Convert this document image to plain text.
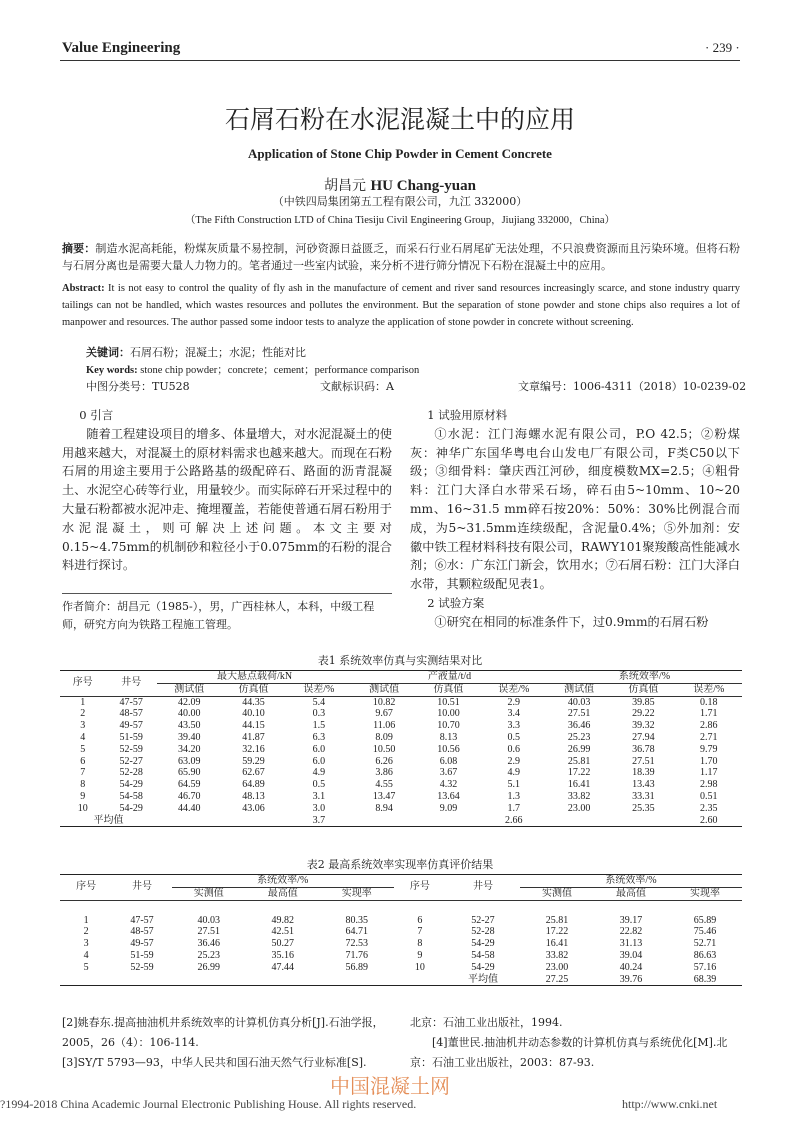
Value Engineering	· 239 ·
石屑石粉在水泥混凝土中的应用
Application of Stone Chip Powder in Cement Concrete
胡昌元 HU Chang-yuan
（中铁四局集团第五工程有限公司，九江 332000）
（The Fifth Construction LTD of China Tiesiju Civil Engineering Group，Jiujiang 332000，China）
摘要：制造水泥高耗能，粉煤灰质量不易控制，河砂资源日益匮乏，而采石行业石屑尾矿无法处理，不只浪费资源而且污染环境。但将石粉与石屑分离也是需要大量人力物力的。笔者通过一些室内试验，来分析不进行筛分情况下石粉在混凝土中的应用。
Abstract: It is not easy to control the quality of fly ash in the manufacture of cement and river sand resources increasingly scarce, and stone industry quarry tailings can not be handled, which wastes resources and pollutes the environment. But the separation of stone powder and stone chips also requires a lot of manpower and resources. The author passed some indoor tests to analyze the application of stone powder in concrete without screening.
关键词：石屑石粉；混凝土；水泥；性能对比
Key words: stone chip powder；concrete；cement；performance comparison
中图分类号：TU528	文献标识码：A	文章编号：1006-4311（2018）10-0239-02

0 引言

随着工程建设项目的增多、体量增大，对水泥混凝土的使用越来越大，对混凝土的原材料需求也越来越大。而现在石粉石屑的用途主要用于公路路基的级配碎石、路面的沥青混凝土、水泥空心砖等行业，用量较少。而实际碎石开采过程中的大量石粉都被水泥冲走、掩埋覆盖，若能使普通石屑石粉用于水泥混凝土，则可解决上述问题。本文主要对0.15~4.75mm的机制砂和粒径小于0.075mm的石粉的混合料进行探讨。

作者简介：胡昌元（1985-），男，广西桂林人，本科，中级工程师，研究方向为铁路工程施工管理。

1 试验用原材料

①水泥：江门海螺水泥有限公司，P.O 42.5；②粉煤灰：神华广东国华粤电台山发电厂有限公司，F类C50以下级；③细骨料：肇庆西江河砂，细度模数MX=2.5；④粗骨料：江门大泽白水带采石场，碎石由5~10mm、10~20 mm、16~31.5 mm碎石按20%：50%：30%比例混合而成，为5~31.5mm连续级配，含泥量0.4%；⑤外加剂：安徽中铁工程材料科技有限公司，RAWY101聚羧酸高性能减水剂；⑥水：广东江门新会，饮用水；⑦石屑石粉：江门大泽白水带，其颗粒级配见表1。

2 试验方案

①研究在相同的标准条件下，过0.9mm的石屑石粉

表1 系统效率仿真与实测结果对比
序号	井号	最大悬点载荷/kN			产液量/t/d			系统效率/%		
		测试值	仿真值	误差/%	测试值	仿真值	误差/%	测试值	仿真值	误差/%
1	47-57	42.09	44.35	5.4	10.82	10.51	2.9	40.03	39.85	0.18
2	48-57	40.00	40.10	0.3	9.67	10.00	3.4	27.51	29.22	1.71
3	49-57	43.50	44.15	1.5	11.06	10.70	3.3	36.46	39.32	2.86
4	51-59	39.40	41.87	6.3	8.09	8.13	0.5	25.23	27.94	2.71
5	52-59	34.20	32.16	6.0	10.50	10.56	0.6	26.99	36.78	9.79
6	52-27	63.09	59.29	6.0	6.26	6.08	2.9	25.81	27.51	1.70
7	52-28	65.90	62.67	4.9	3.86	3.67	4.9	17.22	18.39	1.17
8	54-29	64.59	64.89	0.5	4.55	4.32	5.1	16.41	13.43	2.98
9	54-58	46.70	48.13	3.1	13.47	13.64	1.3	33.82	33.31	0.51
10	54-29	44.40	43.06	3.0	8.94	9.09	1.7	23.00	25.35	2.35
平均值				3.7			2.66			2.60
表2 最高系统效率实现率仿真评价结果
序号	井号	系统效率/%			序号	井号	系统效率/%		
		实测值	最高值	实现率			实测值	最高值	实现率

1	47-57	40.03	49.82	80.35	6	52-27	25.81	39.17	65.89
2	48-57	27.51	42.51	64.71	7	52-28	17.22	22.82	75.46
3	49-57	36.46	50.27	72.53	8	54-29	16.41	31.13	52.71
4	51-59	25.23	35.16	71.76	9	54-58	33.82	39.04	86.63
5	52-59	26.99	47.44	56.89	10	54-29	23.00	40.24	57.16
						平均值	27.25	39.76	68.39
[2]姚春东.提高抽油机井系统效率的计算机仿真分析[J].石油学报，2005，26（4）：106-114.
[3]SY/T 5793—93，中华人民共和国石油天然气行业标准[S].
北京：石油工业出版社，1994.
[4]董世民.抽油机井动态参数的计算机仿真与系统优化[M].北京：石油工业出版社，2003：87-93.
中国混凝土网
?1994-2018 China Academic Journal Electronic Publishing House. All rights reserved.	http://www.cnki.net
